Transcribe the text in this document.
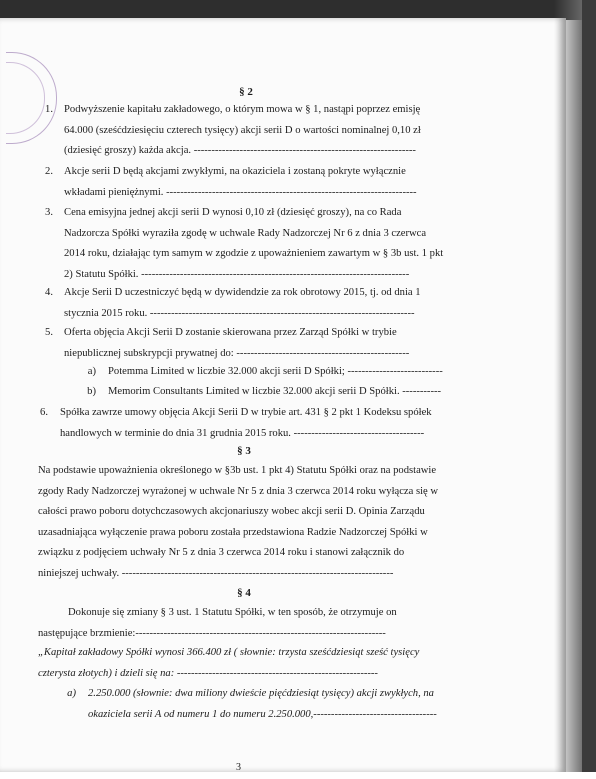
§ 2
1. Podwyższenie kapitału zakładowego, o którym mowa w § 1, nastąpi poprzez emisję
64.000 (sześćdziesięciu czterech tysięcy) akcji serii D o wartości nominalnej 0,10 zł
(dziesięć groszy) każda akcja. ---------------------------------------------------------------
2. Akcje serii D będą akcjami zwykłymi, na okaziciela i zostaną pokryte wyłącznie
wkładami pieniężnymi. -----------------------------------------------------------------------
3. Cena emisyjna jednej akcji serii D wynosi 0,10 zł (dziesięć groszy), na co Rada
Nadzorcza Spółki wyraziła zgodę w uchwale Rady Nadzorczej Nr 6 z dnia 3 czerwca
2014 roku, działając tym samym w zgodzie z upoważnieniem zawartym w § 3b ust. 1 pkt
2) Statutu Spółki. ----------------------------------------------------------------------------
4. Akcje Serii D uczestniczyć będą w dywidendzie za rok obrotowy 2015, tj. od dnia 1
stycznia 2015 roku. ---------------------------------------------------------------------------
5. Oferta objęcia Akcji Serii D zostanie skierowana przez Zarząd Spółki w trybie
niepublicznej subskrypcji prywatnej do: -------------------------------------------------
a) Potemma Limited w liczbie 32.000 akcji serii D Spółki; ---------------------------
b) Memorim Consultants Limited w liczbie 32.000 akcji serii D Spółki. -----------
6. Spółka zawrze umowy objęcia Akcji Serii D w trybie art. 431 § 2 pkt 1 Kodeksu spółek
handlowych w terminie do dnia 31 grudnia 2015 roku. -------------------------------------
§ 3
Na podstawie upoważnienia określonego w §3b ust. 1 pkt 4) Statutu Spółki oraz na podstawie
zgody Rady Nadzorczej wyrażonej w uchwale Nr 5 z dnia 3 czerwca 2014 roku wyłącza się w
całości prawo poboru dotychczasowych akcjonariuszy wobec akcji serii D. Opinia Zarządu
uzasadniająca wyłączenie prawa poboru została przedstawiona Radzie Nadzorczej Spółki w
związku z podjęciem uchwały Nr 5 z dnia 3 czerwca 2014 roku i stanowi załącznik do
niniejszej uchwały. -----------------------------------------------------------------------------
§ 4
Dokonuje się zmiany § 3 ust. 1 Statutu Spółki, w ten sposób, że otrzymuje on
następujące brzmienie:-----------------------------------------------------------------------
„Kapitał zakładowy Spółki wynosi 366.400 zł ( słownie: trzysta sześćdziesiąt sześć tysięcy
czterysta złotych) i dzieli się na: ---------------------------------------------------------
a) 2.250.000 (słownie: dwa miliony dwieście pięćdziesiąt tysięcy) akcji zwykłych, na
okaziciela serii A od numeru 1 do numeru 2.250.000,-----------------------------------
3
